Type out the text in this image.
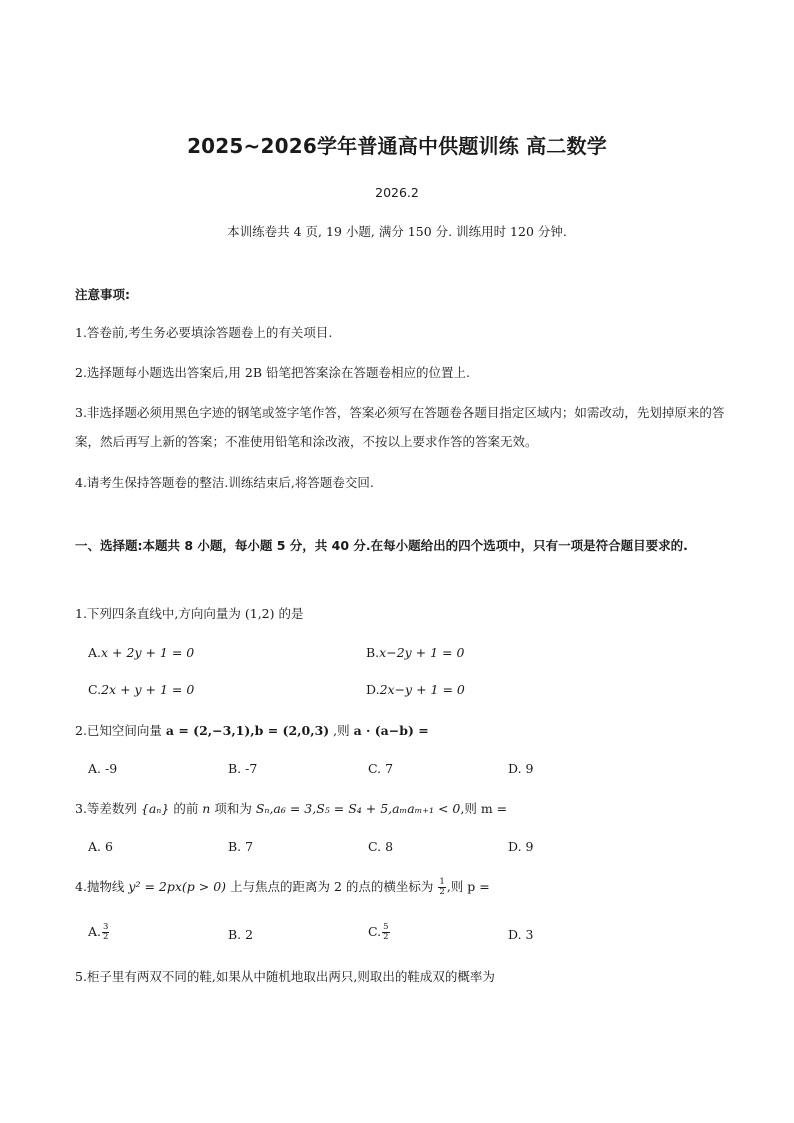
2025~2026学年普通高中供题训练 高二数学
2026.2
本训练卷共 4 页, 19 小题, 满分 150 分. 训练用时 120 分钟.
注意事项:
1.答卷前,考生务必要填涂答题卷上的有关项目.
2.选择题每小题选出答案后,用 2B 铅笔把答案涂在答题卷相应的位置上.
3.非选择题必须用黑色字迹的钢笔或签字笔作答，答案必须写在答题卷各题目指定区域内；如需改动，先划掉原来的答案，然后再写上新的答案；不准使用铅笔和涂改液，不按以上要求作答的答案无效。
4.请考生保持答题卷的整洁.训练结束后,将答题卷交回.
一、选择题:本题共 8 小题，每小题 5 分，共 40 分.在每小题给出的四个选项中，只有一项是符合题目要求的.
1.下列四条直线中,方向向量为 (1,2) 的是
A.x + 2y + 1 = 0	B.x−2y + 1 = 0
C.2x + y + 1 = 0	D.2x−y + 1 = 0
2.已知空间向量 a = (2,−3,1),b = (2,0,3) ,则 a · (a−b) =
A. -9	B. -7	C. 7	D. 9
3.等差数列 {aₙ} 的前 n 项和为 Sₙ,a₆ = 3,S₅ = S₄ + 5,aₘaₘ₊₁ < 0,则 m =
A. 6	B. 7	C. 8	D. 9
4.抛物线 y² = 2px(p > 0) 上与焦点的距离为 2 的点的横坐标为 $\frac{1}{2}$ ,则 p =
A. $\frac{3}{2}$	B. 2	C. $\frac{5}{2}$	D. 3
5.柜子里有两双不同的鞋,如果从中随机地取出两只,则取出的鞋成双的概率为
